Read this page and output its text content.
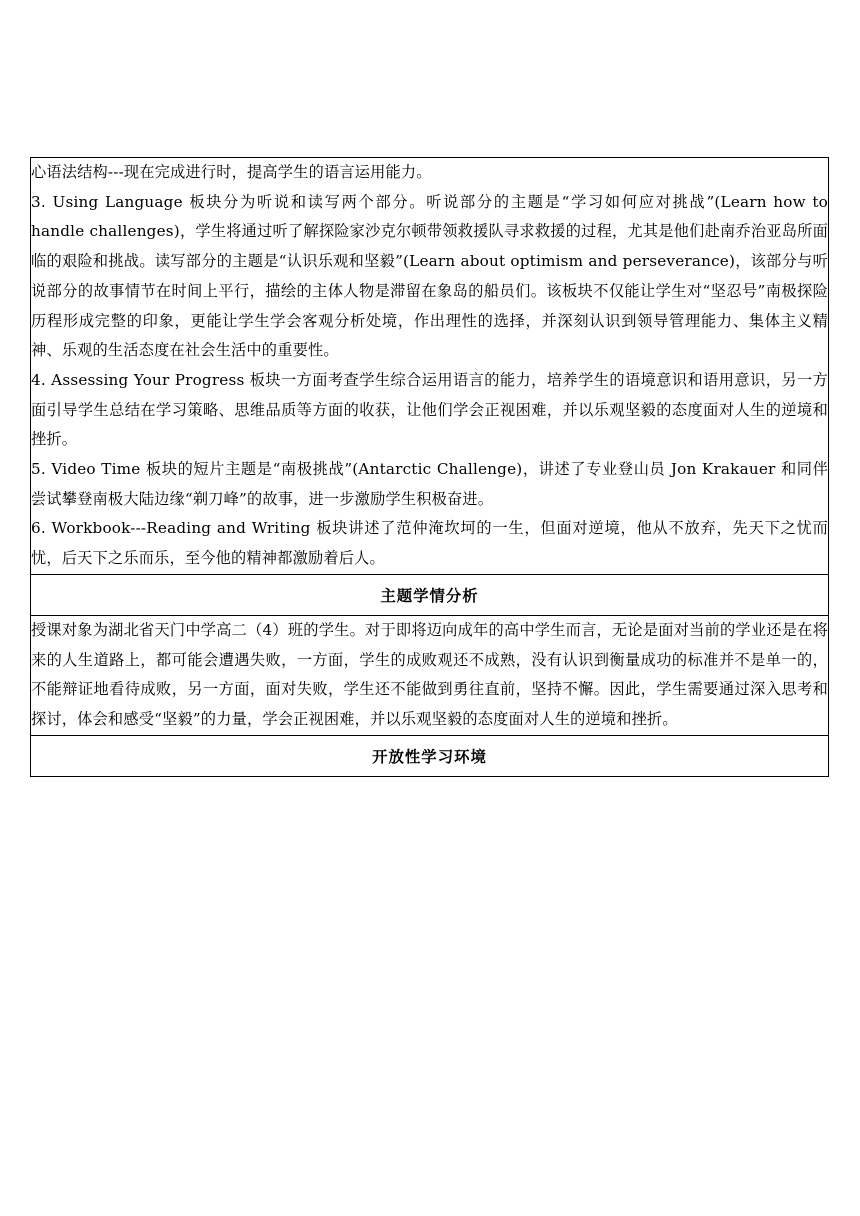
心语法结构---现在完成进行时，提高学生的语言运用能力。

3. Using Language 板块分为听说和读写两个部分。听说部分的主题是“学习如何应对挑战”(Learn how to handle challenges)，学生将通过听了解探险家沙克尔顿带领救援队寻求救援的过程，尤其是他们赴南乔治亚岛所面临的艰险和挑战。读写部分的主题是“认识乐观和坚毅”(Learn about optimism and perseverance)，该部分与听说部分的故事情节在时间上平行，描绘的主体人物是滞留在象岛的船员们。该板块不仅能让学生对“坚忍号”南极探险历程形成完整的印象，更能让学生学会客观分析处境，作出理性的选择，并深刻认识到领导管理能力、集体主义精神、乐观的生活态度在社会生活中的重要性。

4. Assessing Your Progress 板块一方面考查学生综合运用语言的能力，培养学生的语境意识和语用意识，另一方面引导学生总结在学习策略、思维品质等方面的收获，让他们学会正视困难，并以乐观坚毅的态度面对人生的逆境和挫折。

5. Video Time 板块的短片主题是“南极挑战”(Antarctic Challenge)，讲述了专业登山员 Jon Krakauer 和同伴尝试攀登南极大陆边缘“剃刀峰”的故事，进一步激励学生积极奋进。

6. Workbook---Reading and Writing 板块讲述了范仲淹坎坷的一生，但面对逆境，他从不放弃，先天下之忧而忧，后天下之乐而乐，至今他的精神都激励着后人。

主题学情分析

授课对象为湖北省天门中学高二（4）班的学生。对于即将迈向成年的高中学生而言，无论是面对当前的学业还是在将来的人生道路上，都可能会遭遇失败，一方面，学生的成败观还不成熟，没有认识到衡量成功的标准并不是单一的，不能辩证地看待成败，另一方面，面对失败，学生还不能做到勇往直前，坚持不懈。因此，学生需要通过深入思考和探讨，体会和感受“坚毅”的力量，学会正视困难，并以乐观坚毅的态度面对人生的逆境和挫折。

开放性学习环境
